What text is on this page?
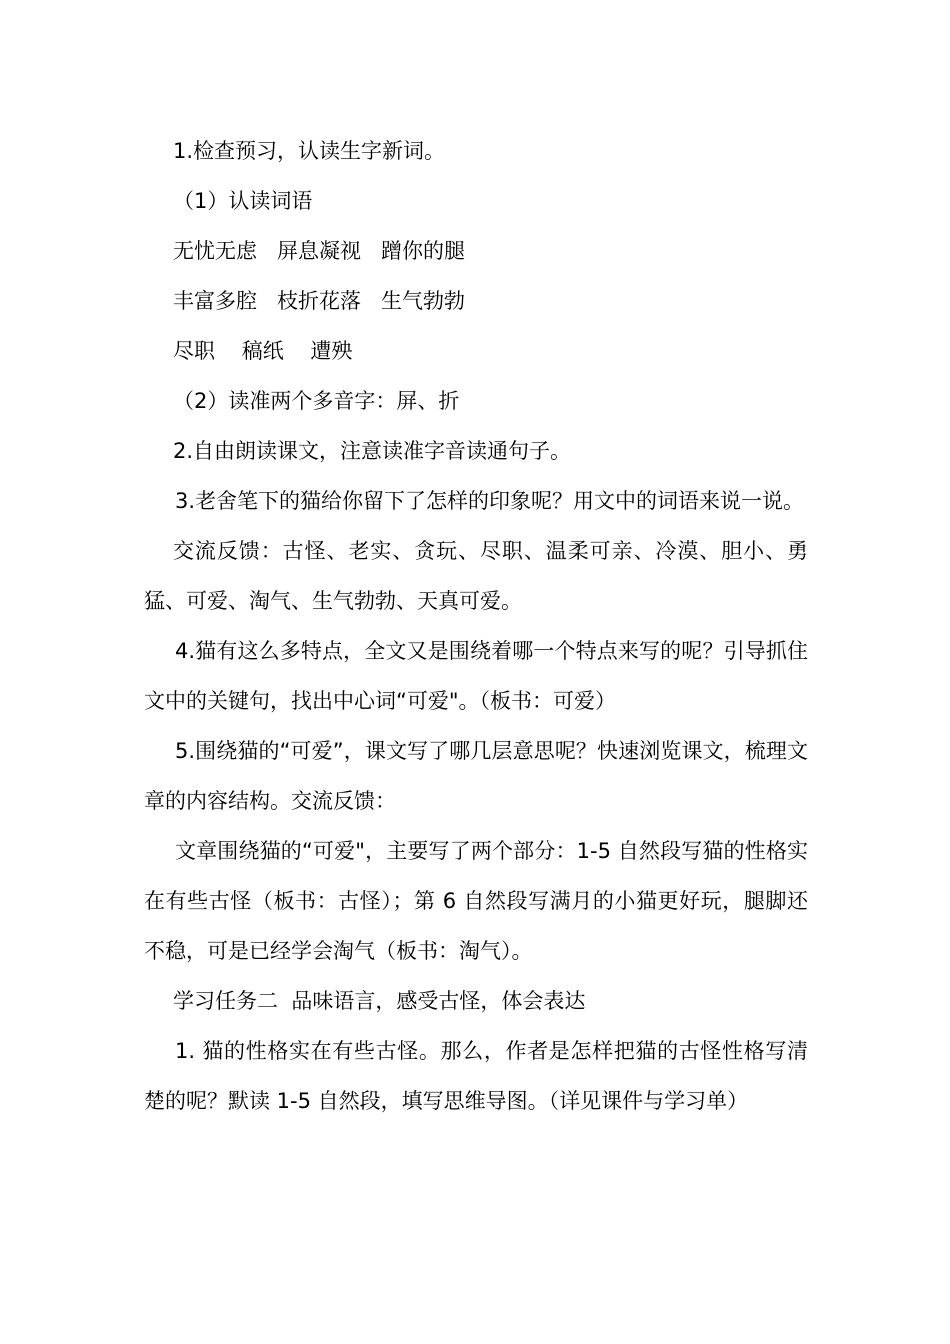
1.检查预习，认读生字新词。

（1）认读词语

无忧无虑   屏息凝视   蹭你的腿

丰富多腔   枝折花落   生气勃勃

尽职    稿纸    遭殃

（2）读准两个多音字：屏、折

2.自由朗读课文，注意读准字音读通句子。

3.老舍笔下的猫给你留下了怎样的印象呢？用文中的词语来说一说。

交流反馈：古怪、老实、贪玩、尽职、温柔可亲、冷漠、胆小、勇猛、可爱、淘气、生气勃勃、天真可爱。

4.猫有这么多特点，全文又是围绕着哪一个特点来写的呢？引导抓住文中的关键句，找出中心词“可爱"。（板书：可爱）

5.围绕猫的“可爱”，课文写了哪几层意思呢？快速浏览课文，梳理文章的内容结构。交流反馈：

文章围绕猫的“可爱"，主要写了两个部分：1-5 自然段写猫的性格实在有些古怪（板书：古怪）；第 6 自然段写满月的小猫更好玩，腿脚还不稳，可是已经学会淘气（板书：淘气）。

学习任务二  品味语言，感受古怪，体会表达

1. 猫的性格实在有些古怪。那么，作者是怎样把猫的古怪性格写清楚的呢？默读 1-5 自然段，填写思维导图。（详见课件与学习单）
